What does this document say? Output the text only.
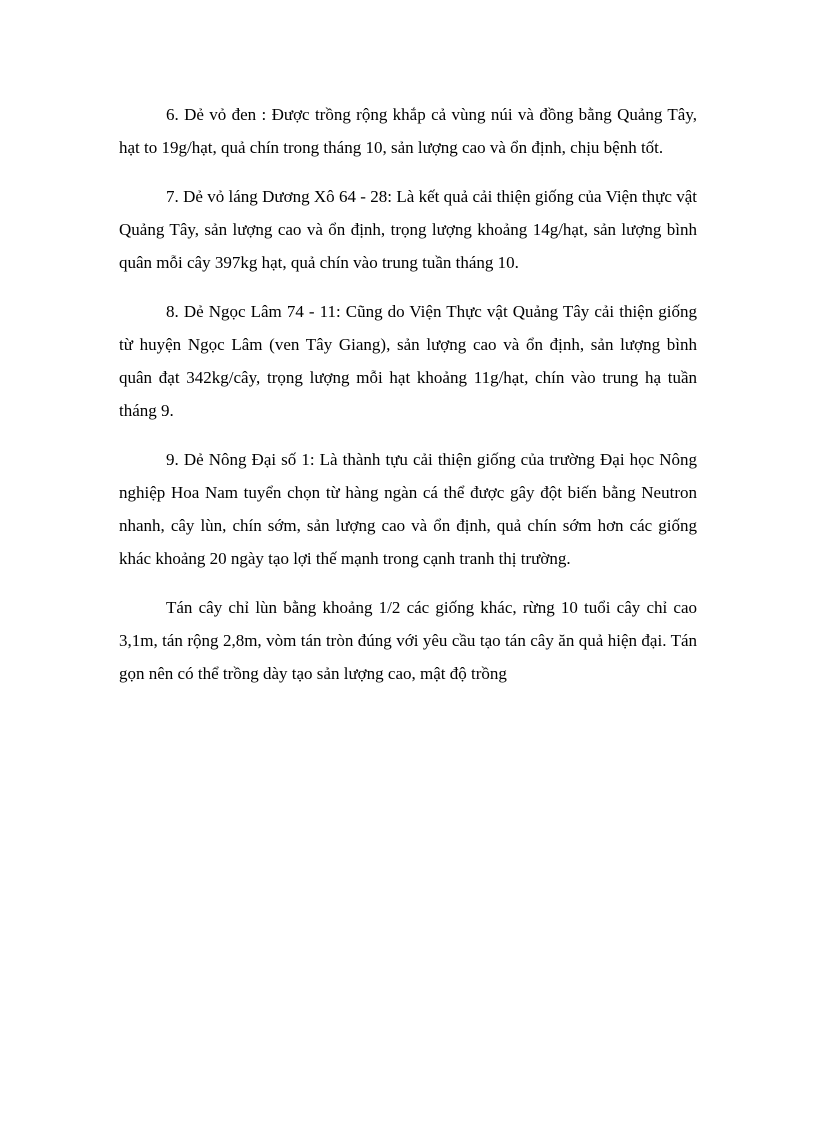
6. Dẻ vỏ đen : Được trồng rộng khắp cả vùng núi và đồng bằng Quảng Tây, hạt to 19g/hạt, quả chín trong tháng 10, sản lượng cao và ổn định, chịu bệnh tốt.

7. Dẻ vỏ láng Dương Xô 64 - 28: Là kết quả cải thiện giống của Viện thực vật Quảng Tây, sản lượng cao và ổn định, trọng lượng khoảng 14g/hạt, sản lượng bình quân mỗi cây 397kg hạt, quả chín vào trung tuần tháng 10.

8. Dẻ Ngọc Lâm 74 - 11: Cũng do Viện Thực vật Quảng Tây cải thiện giống từ huyện Ngọc Lâm (ven Tây Giang), sản lượng cao và ổn định, sản lượng bình quân đạt 342kg/cây, trọng lượng mỗi hạt khoảng 11g/hạt, chín vào trung hạ tuần tháng 9.

9. Dẻ Nông Đại số 1: Là thành tựu cải thiện giống của trường Đại học Nông nghiệp Hoa Nam tuyển chọn từ hàng ngàn cá thể được gây đột biến bằng Neutron nhanh, cây lùn, chín sớm, sản lượng cao và ổn định, quả chín sớm hơn các giống khác khoảng 20 ngày tạo lợi thế mạnh trong cạnh tranh thị trường.

Tán cây chỉ lùn bằng khoảng 1/2 các giống khác, rừng 10 tuổi cây chỉ cao 3,1m, tán rộng 2,8m, vòm tán tròn đúng với yêu cầu tạo tán cây ăn quả hiện đại. Tán gọn nên có thể trồng dày tạo sản lượng cao, mật độ trồng
